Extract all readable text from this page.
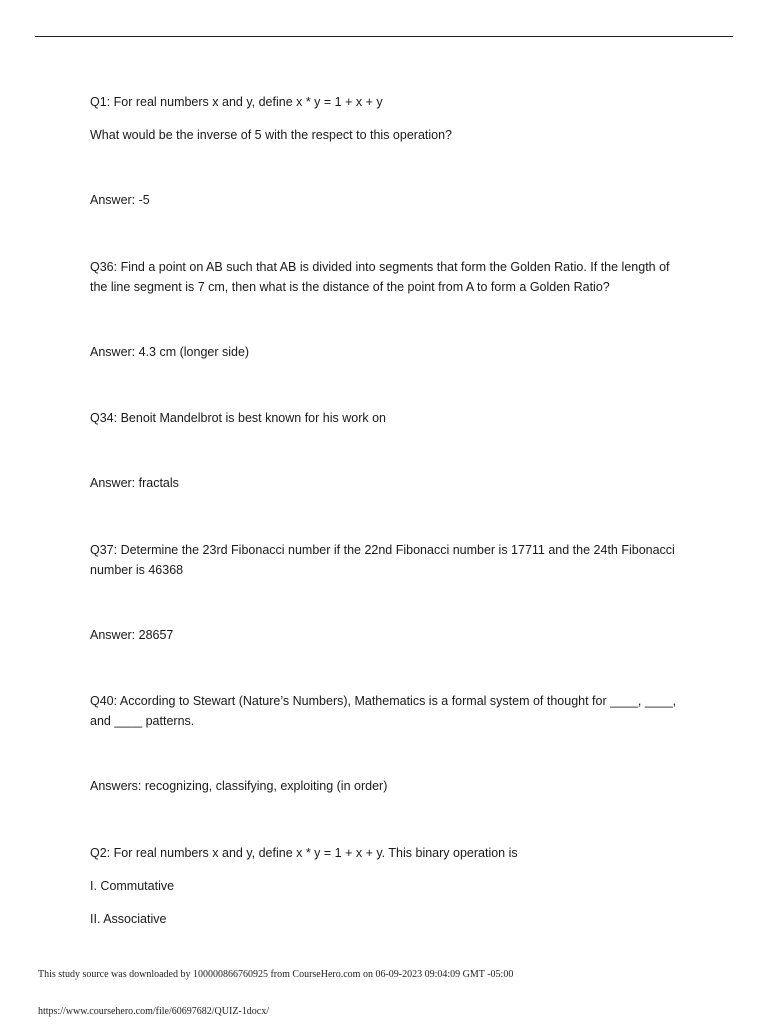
Q1: For real numbers x and y, define x * y = 1 + x + y

What would be the inverse of 5 with the respect to this operation?

Answer: -5

Q36: Find a point on AB such that AB is divided into segments that form the Golden Ratio. If the length of the line segment is 7 cm, then what is the distance of the point from A to form a Golden Ratio?

Answer: 4.3 cm (longer side)

Q34: Benoit Mandelbrot is best known for his work on

Answer: fractals

Q37: Determine the 23rd Fibonacci number if the 22nd Fibonacci number is 17711 and the 24th Fibonacci number is 46368

Answer: 28657

Q40: According to Stewart (Nature’s Numbers), Mathematics is a formal system of thought for ____, ____, and ____ patterns.

Answers: recognizing, classifying, exploiting (in order)

Q2: For real numbers x and y, define x * y = 1 + x + y. This binary operation is

I. Commutative

II. Associative

This study source was downloaded by 100000866760925 from CourseHero.com on 06-09-2023 09:04:09 GMT -05:00
https://www.coursehero.com/file/60697682/QUIZ-1docx/
